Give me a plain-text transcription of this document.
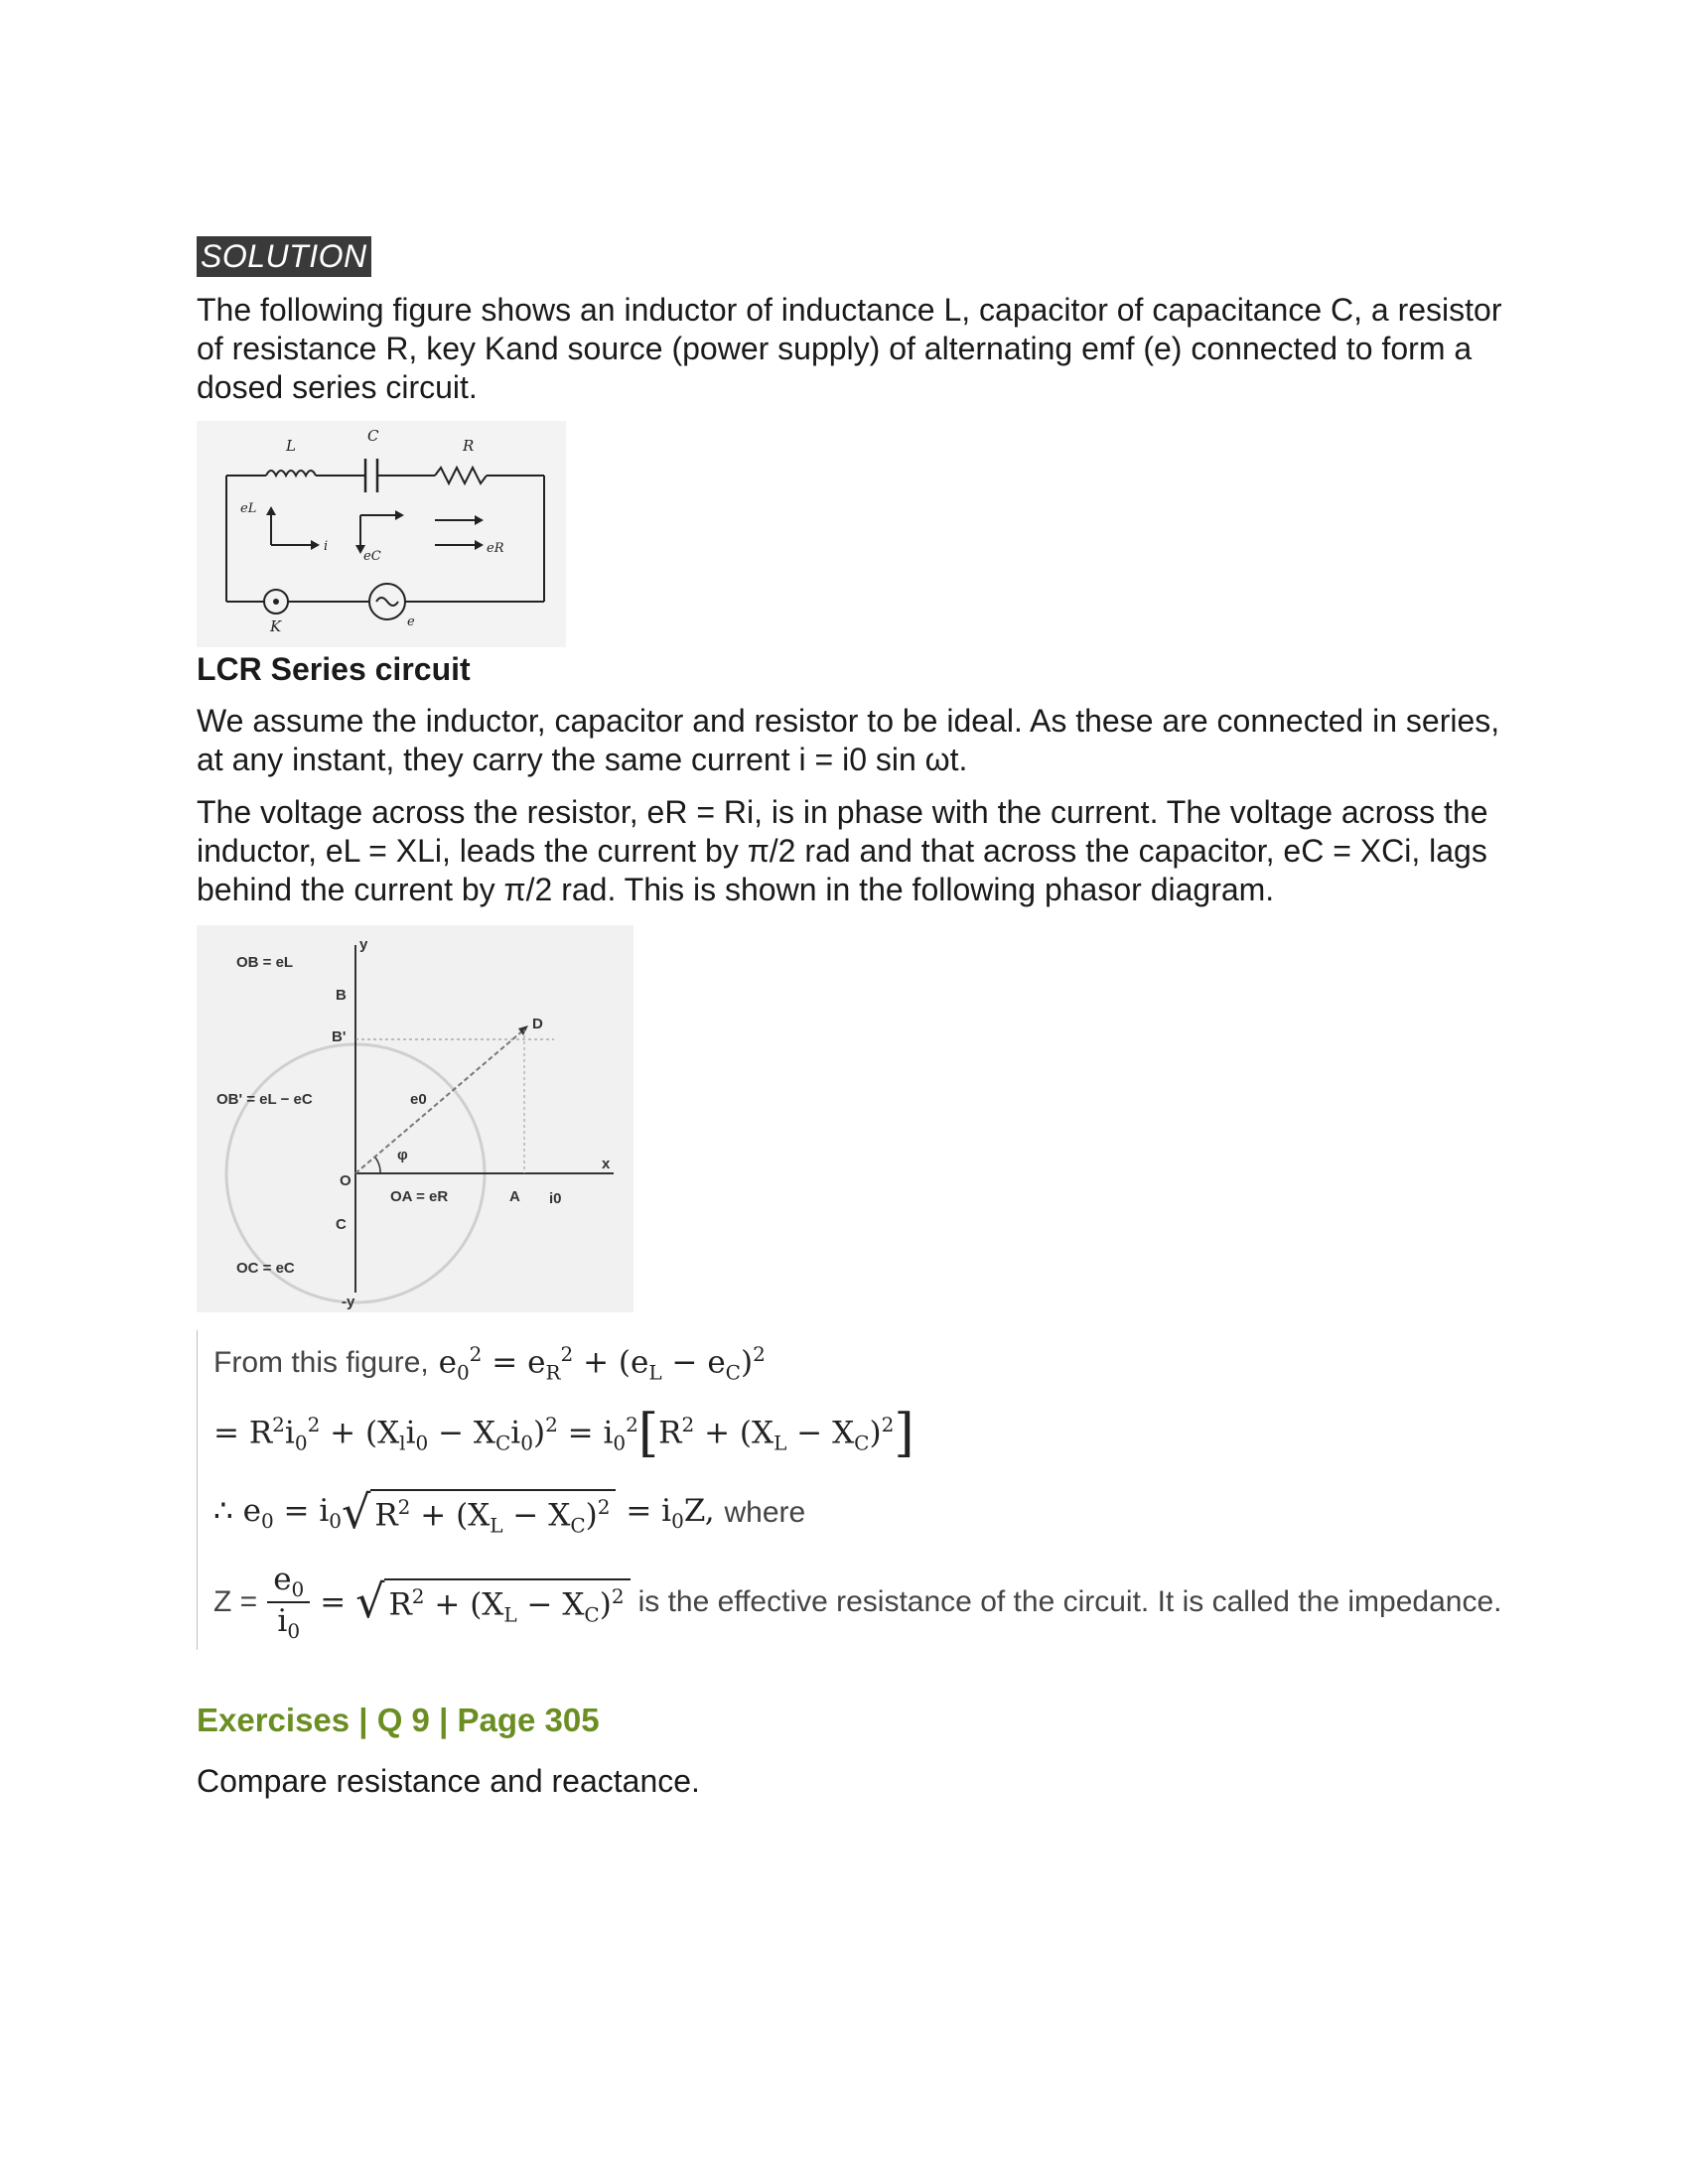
SOLUTION

The following figure shows an inductor of inductance L, capacitor of capacitance C, a resistor of resistance R, key Kand source (power supply) of alternating emf (e) connected to form a dosed series circuit.

L
C
R
eL
eC
eR
i
K	e
LCR Series circuit

We assume the inductor, capacitor and resistor to be ideal. As these are connected in series, at any instant, they carry the same current i = i0 sin ωt.

The voltage across the resistor, eR = Ri, is in phase with the current. The voltage across the inductor, eL = XLi, leads the current by π/2 rad and that across the capacitor, eC = XCi, lags behind the current by π/2 rad. This is shown in the following phasor diagram.

OB = eL
B
B'
OB' = eL − eC
O
C
OC = eC
OA = eR	A i0
D
e0
φ
x
y
-y
From this figure, $e_0^2 = e_R^2 + (e_L - e_C)^2$
= $R^2i_0^2 + (X_li_0 - X_Ci_0)^2 = i_0^2$ [ $R^2 + (X_L - X_C)^2$ ]
∴ $e_0 = i_0$ √ $R^2 + (X_L - X_C)^2 = i_0Z$, where
$Z = \frac{e_0}{i_0}$ = √ $R^2 + (X_L - X_C)^2$ is the effective resistance of the circuit. It is called the impedance.
Exercises | Q 9 | Page 305
Compare resistance and reactance.
